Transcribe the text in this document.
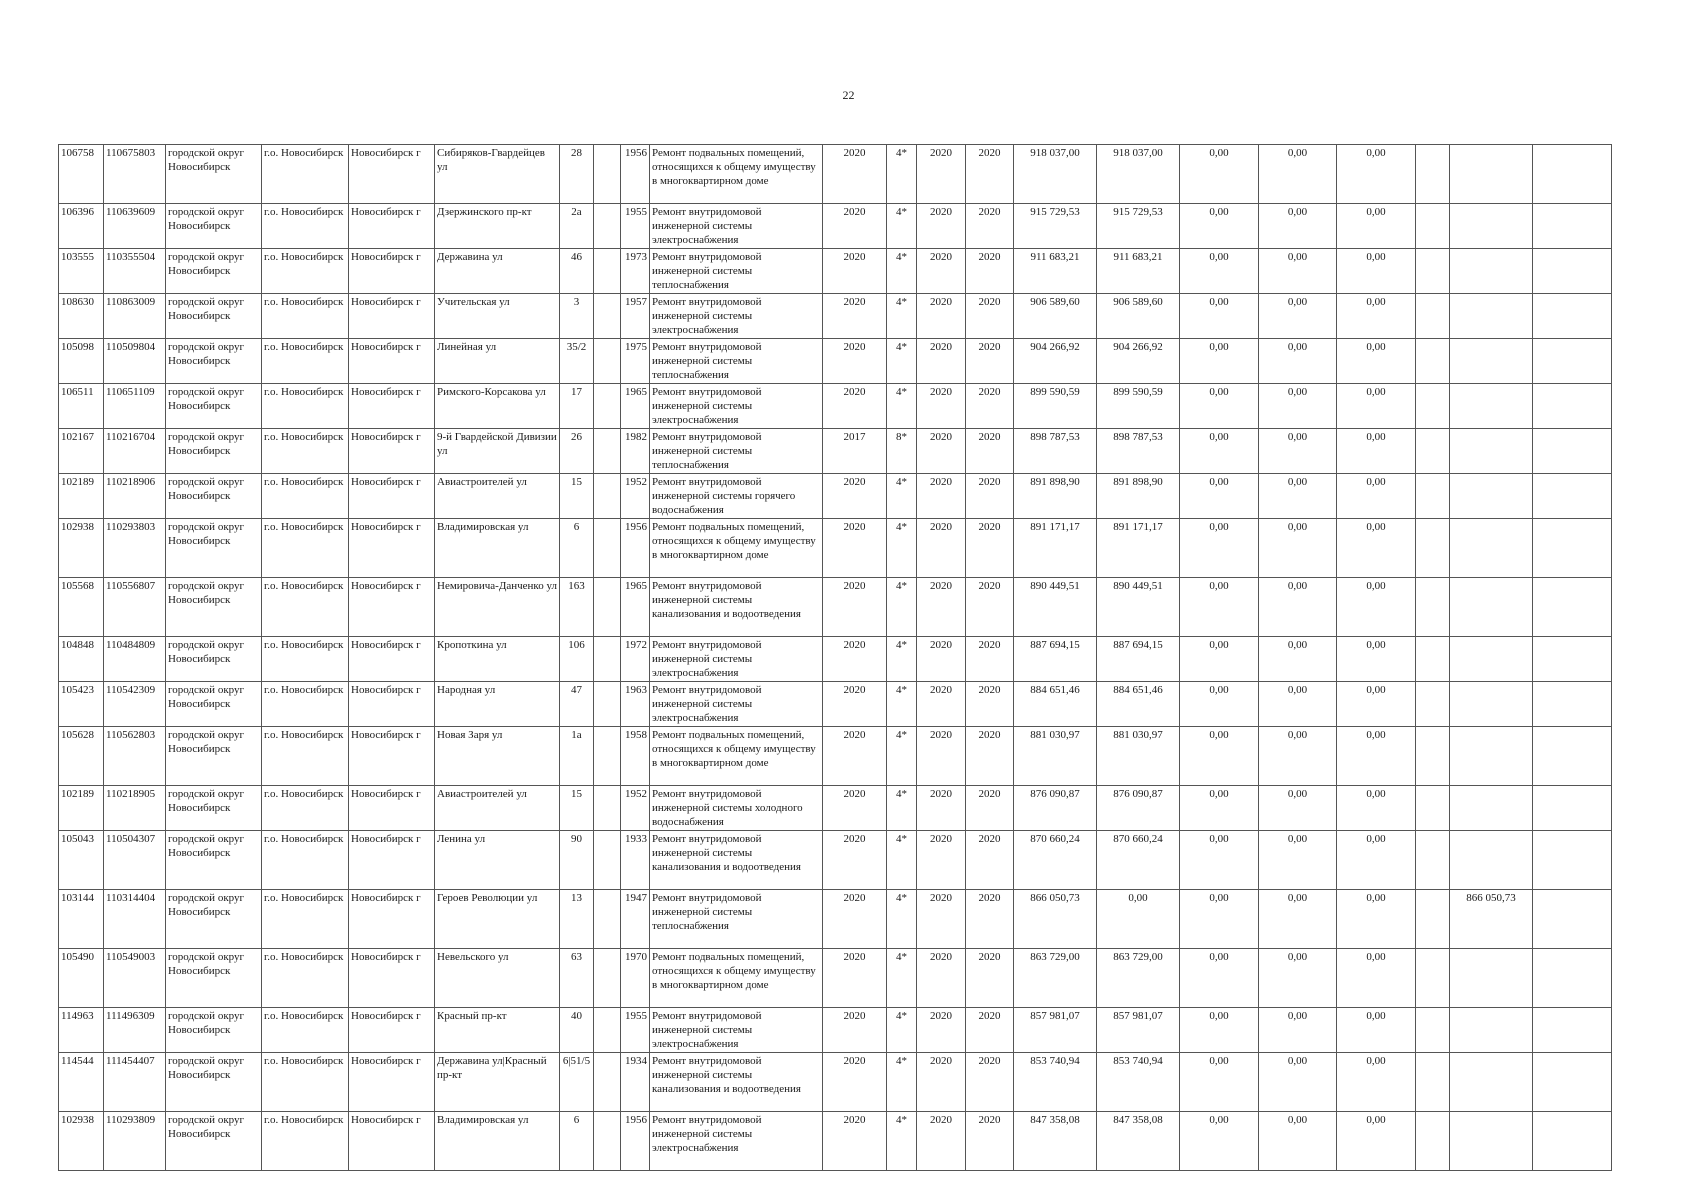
22
106758	110675803	городской округ Новосибирск	г.о. Новосибирск	Новосибирск г	Сибиряков-Гвардейцев ул	28		1956	Ремонт подвальных помещений, относящихся к общему имуществу в многоквартирном доме	2020	4*	2020	2020	918 037,00	918 037,00	0,00	0,00	0,00			
106396	110639609	городской округ Новосибирск	г.о. Новосибирск	Новосибирск г	Дзержинского пр-кт	2а		1955	Ремонт внутридомовой инженерной системы электроснабжения	2020	4*	2020	2020	915 729,53	915 729,53	0,00	0,00	0,00			
103555	110355504	городской округ Новосибирск	г.о. Новосибирск	Новосибирск г	Державина ул	46		1973	Ремонт внутридомовой инженерной системы теплоснабжения	2020	4*	2020	2020	911 683,21	911 683,21	0,00	0,00	0,00			
108630	110863009	городской округ Новосибирск	г.о. Новосибирск	Новосибирск г	Учительская ул	3		1957	Ремонт внутридомовой инженерной системы электроснабжения	2020	4*	2020	2020	906 589,60	906 589,60	0,00	0,00	0,00			
105098	110509804	городской округ Новосибирск	г.о. Новосибирск	Новосибирск г	Линейная ул	35/2		1975	Ремонт внутридомовой инженерной системы теплоснабжения	2020	4*	2020	2020	904 266,92	904 266,92	0,00	0,00	0,00			
106511	110651109	городской округ Новосибирск	г.о. Новосибирск	Новосибирск г	Римского-Корсакова ул	17		1965	Ремонт внутридомовой инженерной системы электроснабжения	2020	4*	2020	2020	899 590,59	899 590,59	0,00	0,00	0,00			
102167	110216704	городской округ Новосибирск	г.о. Новосибирск	Новосибирск г	9-й Гвардейской Дивизии ул	26		1982	Ремонт внутридомовой инженерной системы теплоснабжения	2017	8*	2020	2020	898 787,53	898 787,53	0,00	0,00	0,00			
102189	110218906	городской округ Новосибирск	г.о. Новосибирск	Новосибирск г	Авиастроителей ул	15		1952	Ремонт внутридомовой инженерной системы горячего водоснабжения	2020	4*	2020	2020	891 898,90	891 898,90	0,00	0,00	0,00			
102938	110293803	городской округ Новосибирск	г.о. Новосибирск	Новосибирск г	Владимировская ул	6		1956	Ремонт подвальных помещений, относящихся к общему имуществу в многоквартирном доме	2020	4*	2020	2020	891 171,17	891 171,17	0,00	0,00	0,00			
105568	110556807	городской округ Новосибирск	г.о. Новосибирск	Новосибирск г	Немировича-Данченко ул	163		1965	Ремонт внутридомовой инженерной системы канализования и водоотведения	2020	4*	2020	2020	890 449,51	890 449,51	0,00	0,00	0,00			
104848	110484809	городской округ Новосибирск	г.о. Новосибирск	Новосибирск г	Кропоткина ул	106		1972	Ремонт внутридомовой инженерной системы электроснабжения	2020	4*	2020	2020	887 694,15	887 694,15	0,00	0,00	0,00			
105423	110542309	городской округ Новосибирск	г.о. Новосибирск	Новосибирск г	Народная ул	47		1963	Ремонт внутридомовой инженерной системы электроснабжения	2020	4*	2020	2020	884 651,46	884 651,46	0,00	0,00	0,00			
105628	110562803	городской округ Новосибирск	г.о. Новосибирск	Новосибирск г	Новая Заря ул	1а		1958	Ремонт подвальных помещений, относящихся к общему имуществу в многоквартирном доме	2020	4*	2020	2020	881 030,97	881 030,97	0,00	0,00	0,00			
102189	110218905	городской округ Новосибирск	г.о. Новосибирск	Новосибирск г	Авиастроителей ул	15		1952	Ремонт внутридомовой инженерной системы холодного водоснабжения	2020	4*	2020	2020	876 090,87	876 090,87	0,00	0,00	0,00			
105043	110504307	городской округ Новосибирск	г.о. Новосибирск	Новосибирск г	Ленина ул	90		1933	Ремонт внутридомовой инженерной системы канализования и водоотведения	2020	4*	2020	2020	870 660,24	870 660,24	0,00	0,00	0,00			
103144	110314404	городской округ Новосибирск	г.о. Новосибирск	Новосибирск г	Героев Революции ул	13		1947	Ремонт внутридомовой инженерной системы теплоснабжения	2020	4*	2020	2020	866 050,73	0,00	0,00	0,00	0,00		866 050,73	
105490	110549003	городской округ Новосибирск	г.о. Новосибирск	Новосибирск г	Невельского ул	63		1970	Ремонт подвальных помещений, относящихся к общему имуществу в многоквартирном доме	2020	4*	2020	2020	863 729,00	863 729,00	0,00	0,00	0,00			
114963	111496309	городской округ Новосибирск	г.о. Новосибирск	Новосибирск г	Красный пр-кт	40		1955	Ремонт внутридомовой инженерной системы электроснабжения	2020	4*	2020	2020	857 981,07	857 981,07	0,00	0,00	0,00			
114544	111454407	городской округ Новосибирск	г.о. Новосибирск	Новосибирск г	Державина ул|Красный пр-кт	6|51/5		1934	Ремонт внутридомовой инженерной системы канализования и водоотведения	2020	4*	2020	2020	853 740,94	853 740,94	0,00	0,00	0,00			
102938	110293809	городской округ Новосибирск	г.о. Новосибирск	Новосибирск г	Владимировская ул	6		1956	Ремонт внутридомовой инженерной системы электроснабжения	2020	4*	2020	2020	847 358,08	847 358,08	0,00	0,00	0,00			
